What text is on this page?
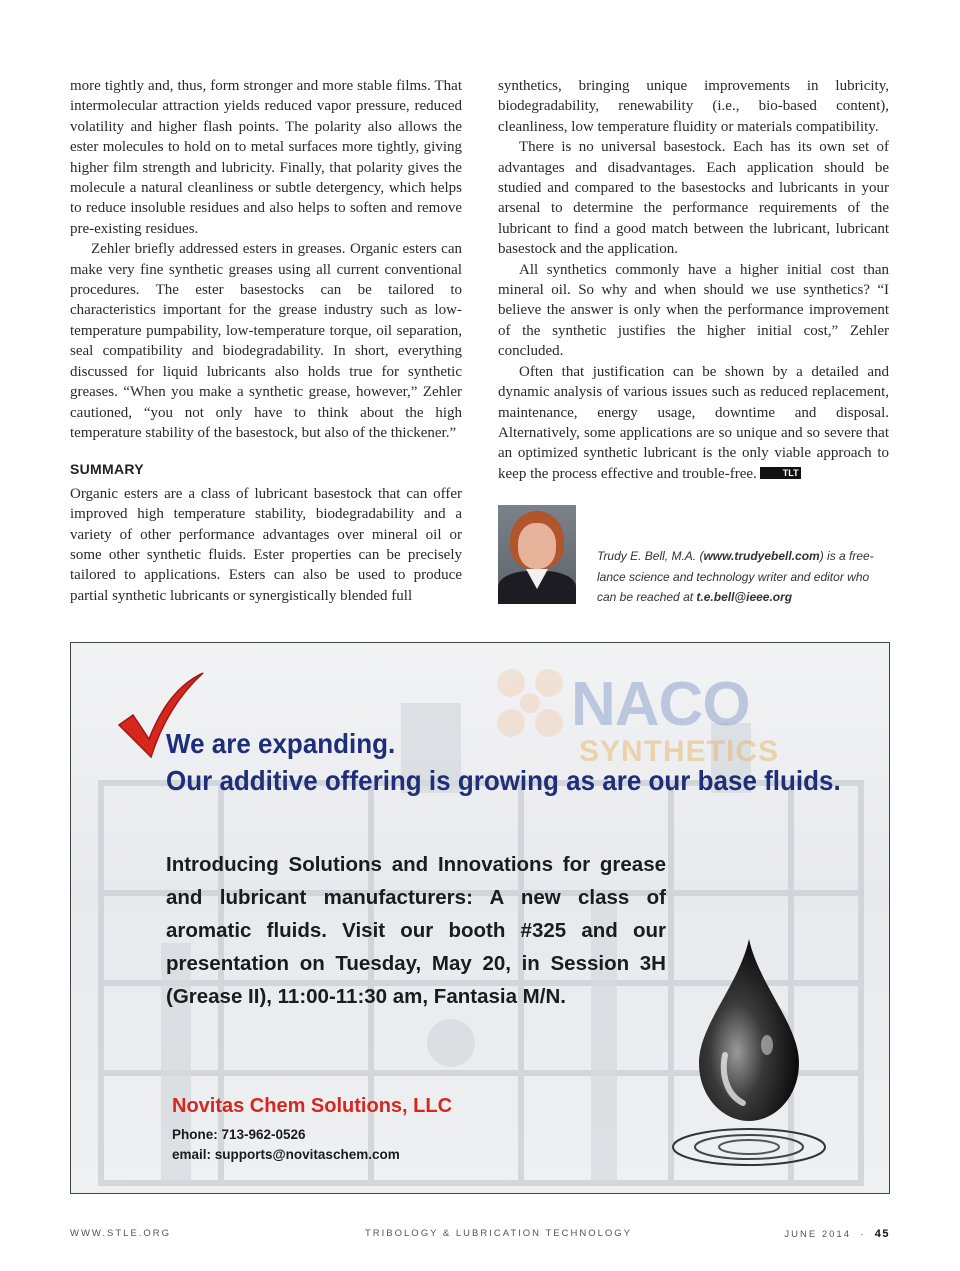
more tightly and, thus, form stronger and more stable films. That intermolecular attraction yields reduced vapor pressure, reduced volatility and higher flash points. The polarity also allows the ester molecules to hold on to metal surfaces more tightly, giving higher film strength and lubricity. Finally, that polarity gives the molecule a natural cleanliness or subtle detergency, which helps to reduce insoluble residues and also helps to soften and remove pre-existing residues.

Zehler briefly addressed esters in greases. Organic esters can make very fine synthetic greases using all current conventional procedures. The ester basestocks can be tailored to characteristics important for the grease industry such as low-temperature pumpability, low-temperature torque, oil separation, seal compatibility and biodegradability. In short, everything discussed for liquid lubricants also holds true for synthetic greases. “When you make a synthetic grease, however,” Zehler cautioned, “you not only have to think about the high temperature stability of the basestock, but also of the thickener.”

SUMMARY

Organic esters are a class of lubricant basestock that can offer improved high temperature stability, biodegradability and a variety of other performance advantages over mineral oil or some other synthetic fluids. Ester properties can be precisely tailored to applications. Esters can also be used to produce partial synthetic lubricants or synergistically blended full

synthetics, bringing unique improvements in lubricity, biodegradability, renewability (i.e., bio-based content), cleanliness, low temperature fluidity or materials compatibility.

There is no universal basestock. Each has its own set of advantages and disadvantages. Each application should be studied and compared to the basestocks and lubricants in your arsenal to determine the performance requirements of the lubricant to find a good match between the lubricant, lubricant basestock and the application.

All synthetics commonly have a higher initial cost than mineral oil. So why and when should we use synthetics? “I believe the answer is only when the performance improvement of the synthetic justifies the higher initial cost,” Zehler concluded.

Often that justification can be shown by a detailed and dynamic analysis of various issues such as reduced replacement, maintenance, energy usage, downtime and disposal. Alternatively, some applications are so unique and so severe that an optimized synthetic lubricant is the only viable approach to keep the process effective and trouble-free.	TLT

Trudy E. Bell, M.A. (www.trudyebell.com) is a free-lance science and technology writer and editor who can be reached at t.e.bell@ieee.org
NACO
SYNTHETICS
We are expanding.
Our additive offering is growing as are our base fluids.
Introducing Solutions and Innovations for grease and lubricant manufacturers: A new class of aromatic fluids. Visit our booth #325 and our presentation on Tuesday, May 20, in Session 3H (Grease II), 11:00-11:30 am, Fantasia M/N.
Novitas Chem Solutions, LLC
Phone: 713-962-0526
email: supports@novitaschem.com
WWW.STLE.ORG	TRIBOLOGY & LUBRICATION TECHNOLOGY	JUNE 2014 · 45
